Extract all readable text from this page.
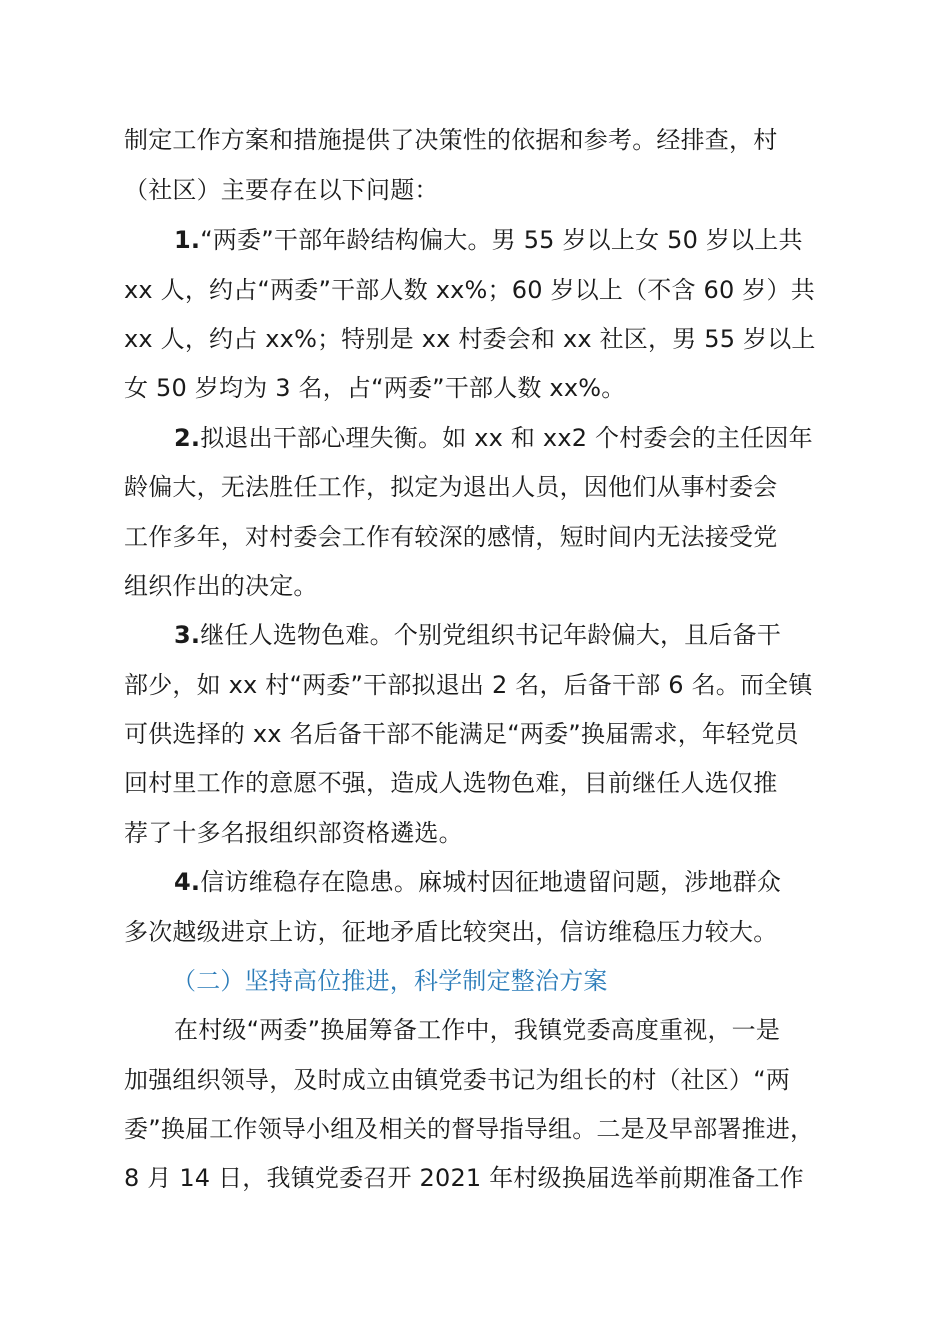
制定工作方案和措施提供了决策性的依据和参考。经排查，村
（社区）主要存在以下问题：
1.“两委”干部年龄结构偏大。男 55 岁以上女 50 岁以上共
xx 人，约占“两委”干部人数 xx%；60 岁以上（不含 60 岁）共
xx 人，约占 xx%；特别是 xx 村委会和 xx 社区，男 55 岁以上
女 50 岁均为 3 名，占“两委”干部人数 xx%。
2.拟退出干部心理失衡。如 xx 和 xx2 个村委会的主任因年
龄偏大，无法胜任工作，拟定为退出人员，因他们从事村委会
工作多年，对村委会工作有较深的感情，短时间内无法接受党
组织作出的决定。
3.继任人选物色难。个别党组织书记年龄偏大，且后备干
部少，如 xx 村“两委”干部拟退出 2 名，后备干部 6 名。而全镇
可供选择的 xx 名后备干部不能满足“两委”换届需求，年轻党员
回村里工作的意愿不强，造成人选物色难，目前继任人选仅推
荐了十多名报组织部资格遴选。
4.信访维稳存在隐患。麻城村因征地遗留问题，涉地群众
多次越级进京上访，征地矛盾比较突出，信访维稳压力较大。
（二）坚持高位推进，科学制定整治方案
在村级“两委”换届筹备工作中，我镇党委高度重视，一是
加强组织领导，及时成立由镇党委书记为组长的村（社区）“两
委”换届工作领导小组及相关的督导指导组。二是及早部署推进，
8 月 14 日，我镇党委召开 2021 年村级换届选举前期准备工作
